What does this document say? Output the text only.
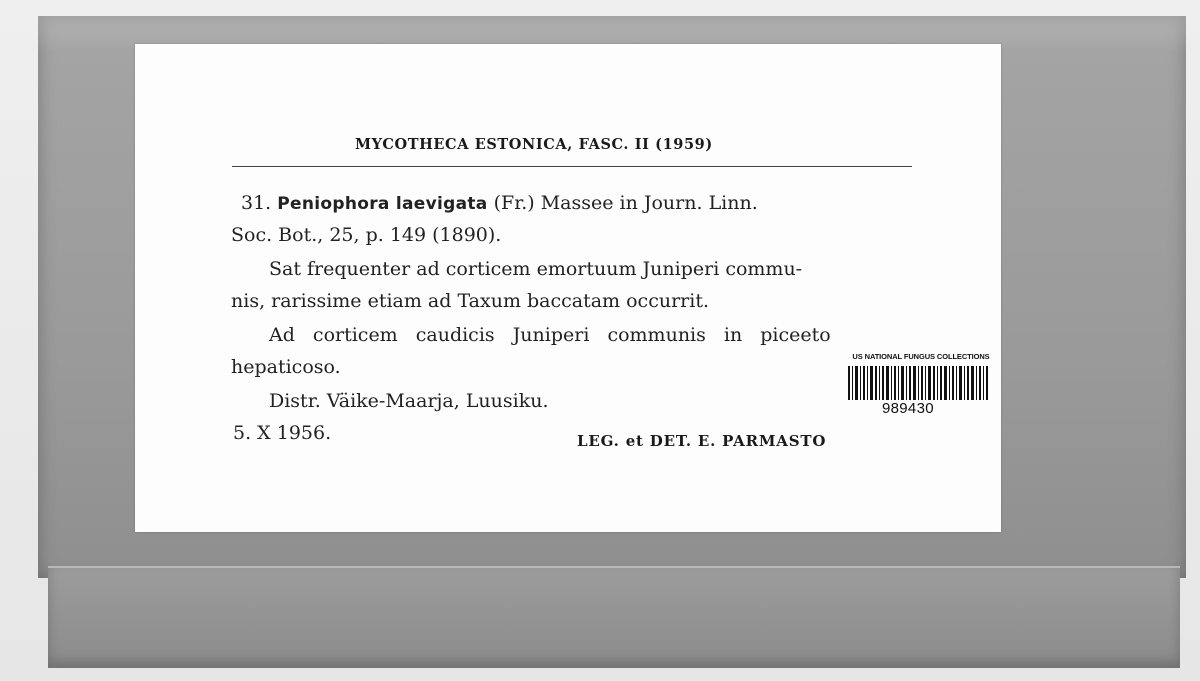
MYCOTHECA ESTONICA, FASC. II (1959)
31. Peniophora laevigata (Fr.) Massee in Journ. Linn.
Soc. Bot., 25, p. 149 (1890).
Sat frequenter ad corticem emortuum Juniperi commu-
nis, rarissime etiam ad Taxum baccatam occurrit.
Ad corticem caudicis Juniperi communis in piceeto
hepaticoso.
Distr. Väike-Maarja, Luusiku.
5. X 1956.	LEG. et DET. E. PARMASTO
US NATIONAL FUNGUS COLLECTIONS
989430
